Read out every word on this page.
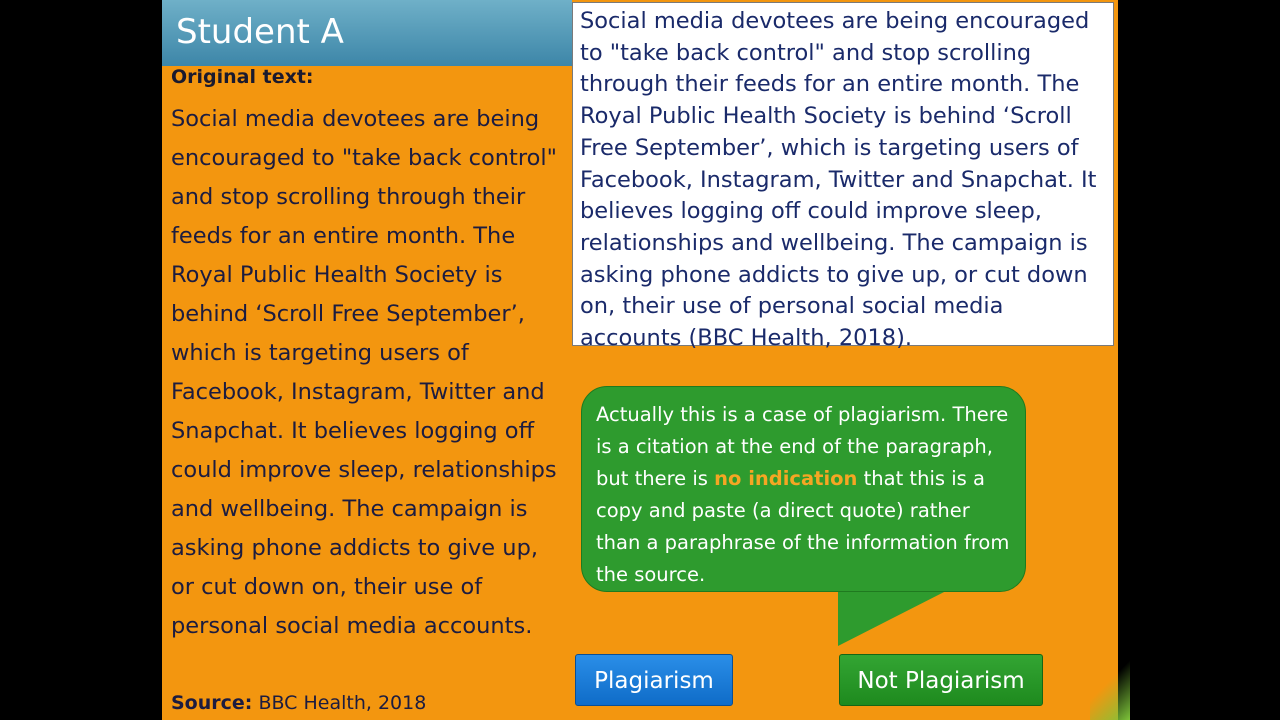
Student A
Original text:
Social media devotees are being encouraged to "take back control" and stop scrolling through their feeds for an entire month. The Royal Public Health Society is behind ‘Scroll Free September’, which is targeting users of Facebook, Instagram, Twitter and Snapchat. It believes logging off could improve sleep, relationships and wellbeing. The campaign is asking phone addicts to give up, or cut down on, their use of personal social media accounts.
Source: BBC Health, 2018
Social media devotees are being encouraged to "take back control" and stop scrolling through their feeds for an entire month. The Royal Public Health Society is behind ‘Scroll Free September’, which is targeting users of Facebook, Instagram, Twitter and Snapchat. It believes logging off could improve sleep, relationships and wellbeing. The campaign is asking phone addicts to give up, or cut down on, their use of personal social media accounts (BBC Health, 2018).
Actually this is a case of plagiarism. There is a citation at the end of the paragraph, but there is no indication that this is a copy and paste (a direct quote) rather than a paraphrase of the information from the source.
Plagiarism	Not Plagiarism
